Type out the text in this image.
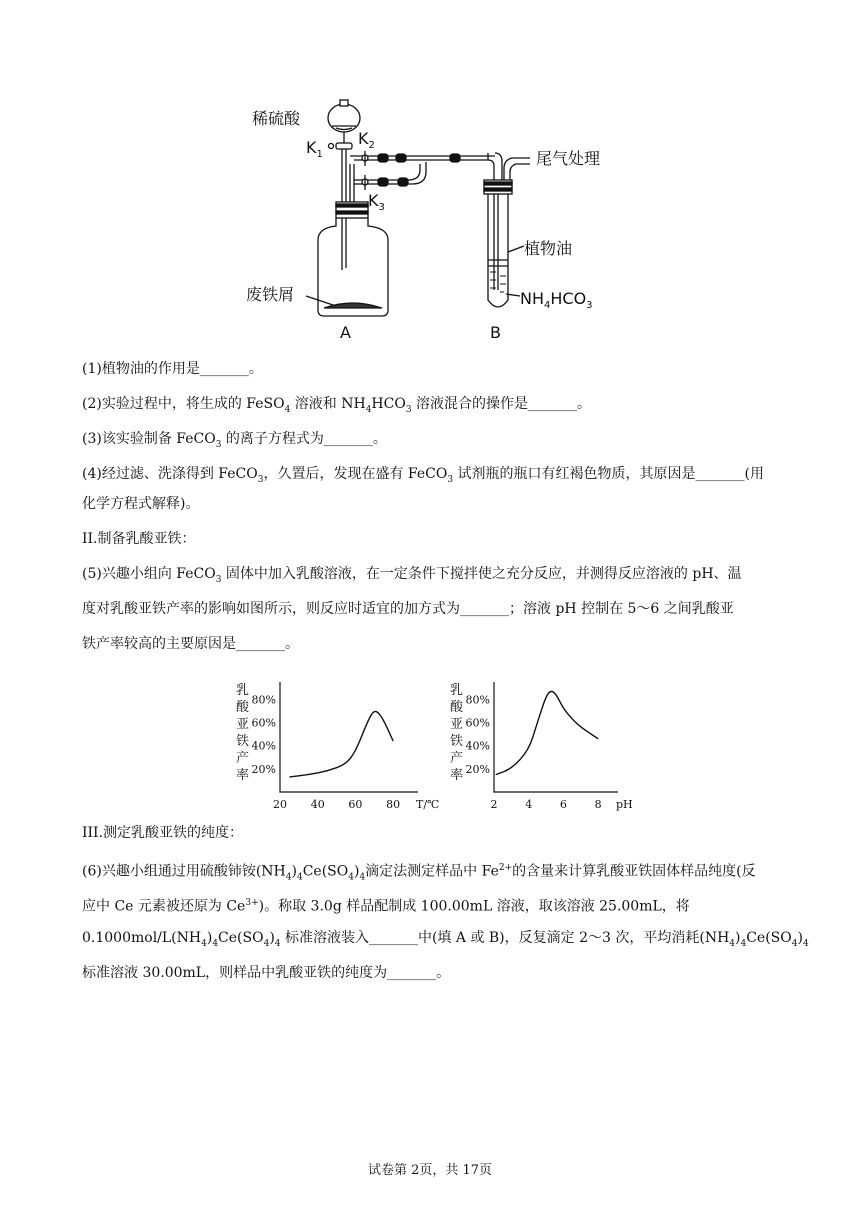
稀硫酸
$K_1$
$K_2$
$K_3$
尾气处理
植物油
废铁屑	$NH_4HCO_3$
A	B
(1)植物油的作用是_______。
(2)实验过程中，将生成的 FeSO$_4$ 溶液和 $NH_4HCO_3$ 溶液混合的操作是_______。
(3)该实验制备 FeCO$_3$ 的离子方程式为_______。
(4)经过滤、洗涤得到 FeCO$_3$，久置后，发现在盛有 FeCO$_3$ 试剂瓶的瓶口有红褐色物质，其原因是_______(用
化学方程式解释)。
II.制备乳酸亚铁：
(5)兴趣小组向 FeCO$_3$ 固体中加入乳酸溶液，在一定条件下搅拌使之充分反应，并测得反应溶液的 pH、温
度对乳酸亚铁产率的影响如图所示，则反应时适宜的加方式为_______；溶液 pH 控制在 5～6 之间乳酸亚
铁产率较高的主要原因是_______。
乳
酸
亚
铁
产
率 20%
40%
60%
80%
20 40 60 80 T/℃
乳
酸
亚
铁
产
率 20%
40%
60%
80%
2	4	6	8 pH
III.测定乳酸亚铁的纯度：
(6)兴趣小组通过用硫酸铈铵$(NH_4)_4Ce(SO_4)_4$滴定法测定样品中 $Fe^{2+}$的含量来计算乳酸亚铁固体样品纯度(反
应中 Ce 元素被还原为 $Ce^{3+}$)。称取 3.0g 样品配制成 100.00mL 溶液，取该溶液 25.00mL，将
$0.1000mol/L(NH_4)_4Ce(SO_4)_4$ 标准溶液装入_______中(填 A 或 B)，反复滴定 2～3 次，平均消耗$(NH_4)_4Ce(SO_4)_4$
标准溶液 30.00mL，则样品中乳酸亚铁的纯度为_______。
试卷第 2页，共 17页
